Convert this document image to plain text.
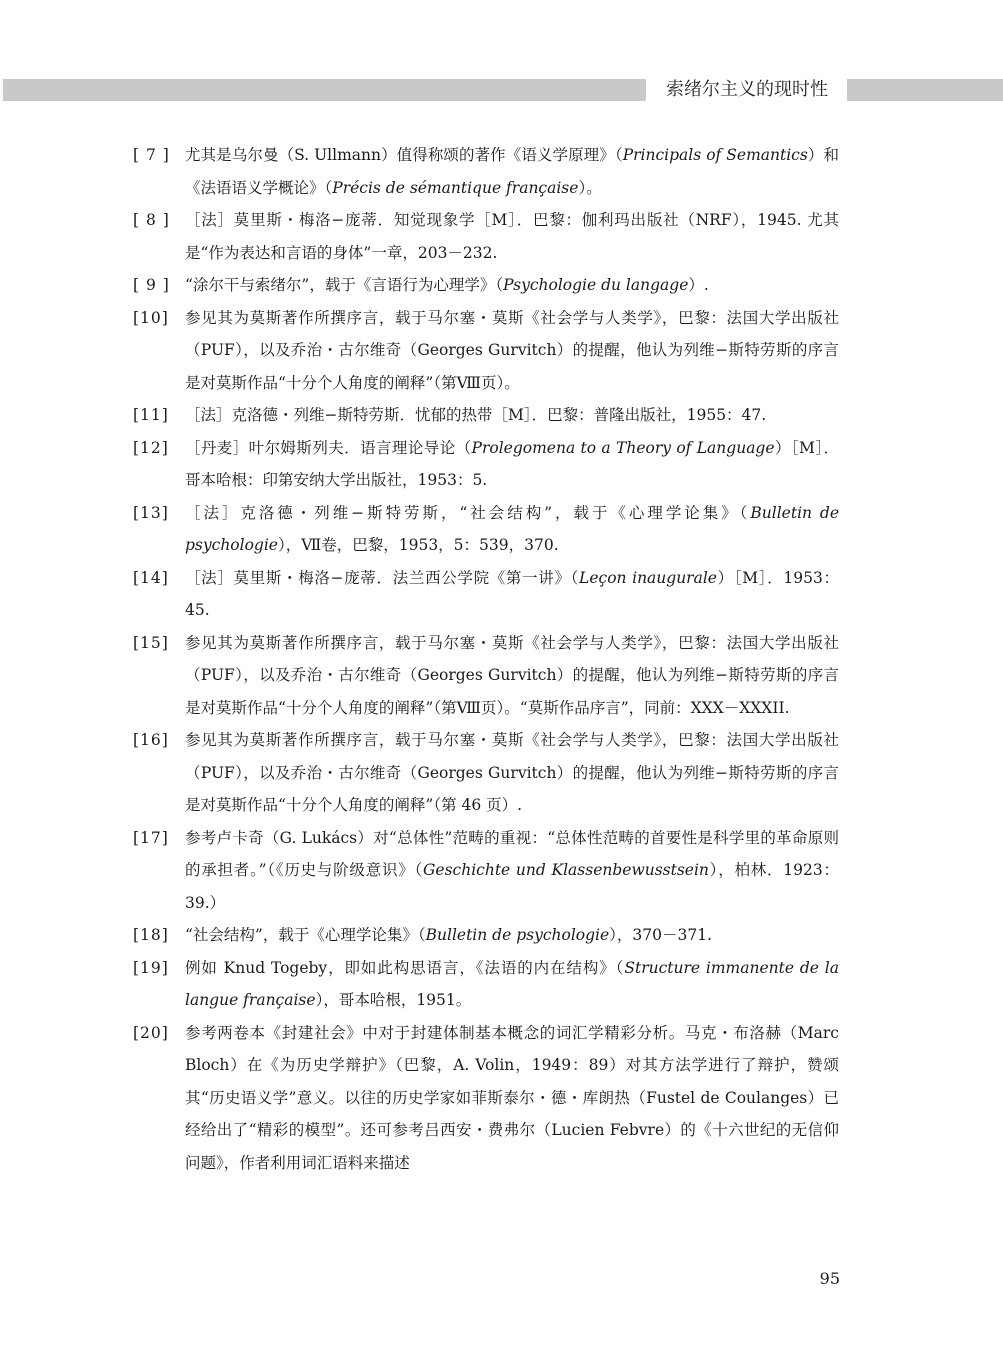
索绪尔主义的现时性
[ 7 ] 尤其是乌尔曼（S. Ullmann）值得称颂的著作《语义学原理》（Principals of Semantics）和《法语语义学概论》（Précis de sémantique française）。
[ 8 ] ［法］莫里斯・梅洛−庞蒂．知觉现象学［M］．巴黎：伽利玛出版社（NRF），1945. 尤其是“作为表达和言语的身体”一章，203－232.
[ 9 ] “涂尔干与索绪尔”，载于《言语行为心理学》（Psychologie du langage）.
[10]	参见其为莫斯著作所撰序言，载于马尔塞・莫斯《社会学与人类学》，巴黎：法国大学出版社（PUF），以及乔治・古尔维奇（Georges Gurvitch）的提醒，他认为列维−斯特劳斯的序言是对莫斯作品“十分个人角度的阐释”（第Ⅷ页）。
[11]	［法］克洛德・列维−斯特劳斯．忧郁的热带［M］．巴黎：普隆出版社，1955：47.
[12]	［丹麦］叶尔姆斯列夫．语言理论导论（Prolegomena to a Theory of Language）［M］．哥本哈根：印第安纳大学出版社，1953：5.
[13]	［法］克洛德・列维−斯特劳斯，“社会结构”，载于《心理学论集》（Bulletin de psychologie），Ⅶ卷，巴黎，1953，5：539，370.
[14]	［法］莫里斯・梅洛−庞蒂．法兰西公学院《第一讲》（Leçon inaugurale）［M］．1953：45.
[15]	参见其为莫斯著作所撰序言，载于马尔塞・莫斯《社会学与人类学》，巴黎：法国大学出版社（PUF），以及乔治・古尔维奇（Georges Gurvitch）的提醒，他认为列维−斯特劳斯的序言是对莫斯作品“十分个人角度的阐释”（第Ⅷ页）。“莫斯作品序言”，同前：XXX－XXXII.
[16]	参见其为莫斯著作所撰序言，载于马尔塞・莫斯《社会学与人类学》，巴黎：法国大学出版社（PUF），以及乔治・古尔维奇（Georges Gurvitch）的提醒，他认为列维−斯特劳斯的序言是对莫斯作品“十分个人角度的阐释”（第 46 页）.
[17]	参考卢卡奇（G. Lukács）对“总体性”范畴的重视：“总体性范畴的首要性是科学里的革命原则的承担者。”（《历史与阶级意识》（Geschichte und Klassenbewusstsein），柏林．1923：39.）
[18]	“社会结构”，载于《心理学论集》（Bulletin de psychologie），370－371.
[19]	例如 Knud Togeby，即如此构思语言，《法语的内在结构》（Structure immanente de la langue française），哥本哈根，1951。
[20]	参考两卷本《封建社会》中对于封建体制基本概念的词汇学精彩分析。马克・布洛赫（Marc Bloch）在《为历史学辩护》（巴黎，A. Volin，1949：89）对其方法学进行了辩护，赞颂其“历史语义学”意义。以往的历史学家如菲斯泰尔・德・库朗热（Fustel de Coulanges）已经给出了“精彩的模型”。还可参考吕西安・费弗尔（Lucien Febvre）的《十六世纪的无信仰问题》，作者利用词汇语料来描述
95
